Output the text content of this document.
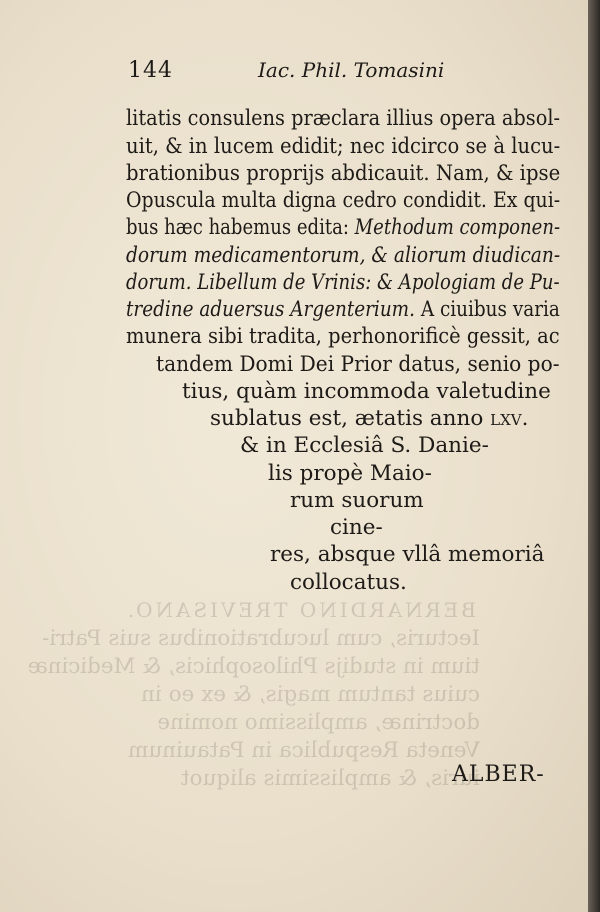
BERNARDINO TREVISANO.
Iecturis, cum lucubrationibus suis Patri-
tium in studijs Philosophicis, & Medicinæ
cuius tantum magis, & ex eo in
doctrinæ, amplissimo nomine
Veneta Respublica in Patauinum
iuris, & amplissimis aliquot
144	Iac. Phil. Tomasini
litatis consulens præclara illius opera absol-
uit, & in lucem edidit; nec idcirco se à lucu-
brationibus proprijs abdicauit. Nam, & ipse
Opuscula multa digna cedro condidit. Ex qui-
bus hæc habemus edita: Methodum componen-
dorum medicamentorum, & aliorum diudican-
dorum. Libellum de Vrinis: & Apologiam de Pu-
tredine aduersus Argenterium. A ciuibus varia
munera sibi tradita, perhonorificè gessit, ac
tandem Domi Dei Prior datus, senio po-
tius, quàm incommoda valetudine
sublatus est, ætatis anno lxv.
& in Ecclesiâ S. Danie-
lis propè Maio-
rum suorum
cine-
res, absque vllâ memoriâ
collocatus.
ALBER-
